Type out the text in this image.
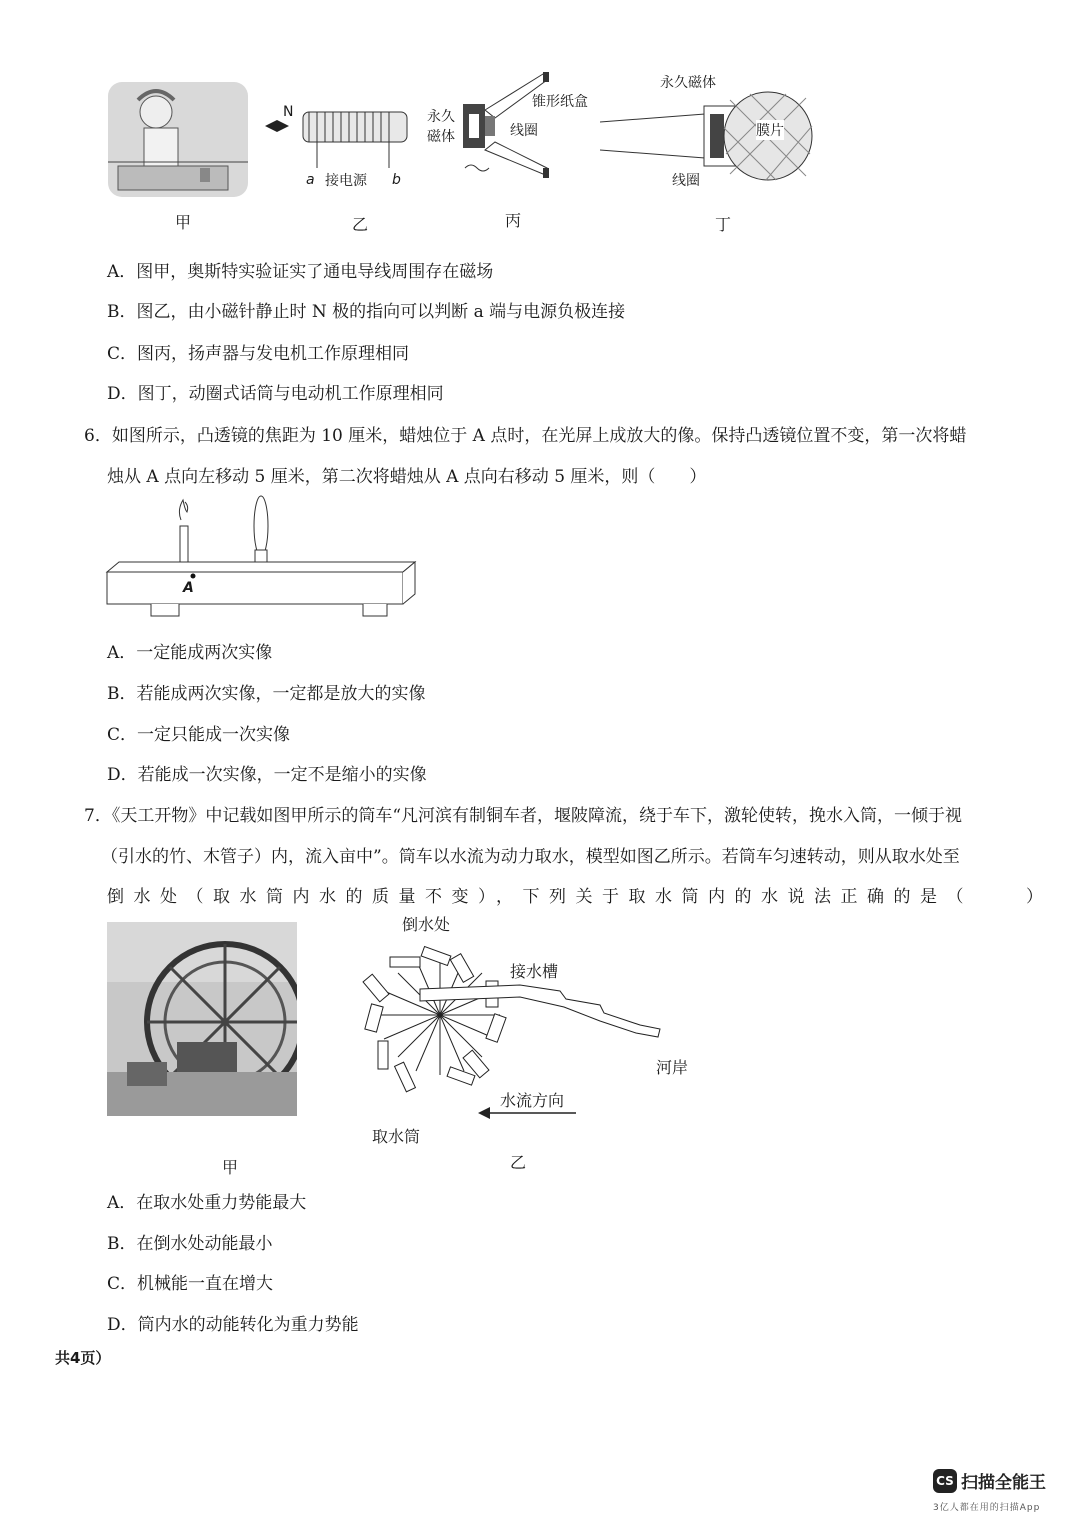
甲
N
a 接电源 b
乙
永久
磁体
锥形纸盒
线圈
丙
永久磁体
膜片
线圈
丁
A．图甲，奥斯特实验证实了通电导线周围存在磁场
B．图乙，由小磁针静止时 N 极的指向可以判断 a 端与电源负极连接
C．图丙，扬声器与发电机工作原理相同
D．图丁，动圈式话筒与电动机工作原理相同
6．如图所示，凸透镜的焦距为 10 厘米，蜡烛位于 A 点时，在光屏上成放大的像。保持凸透镜位置不变，第一次将蜡
烛从 A 点向左移动 5 厘米，第二次将蜡烛从 A 点向右移动 5 厘米，则（　　）
A
A．一定能成两次实像
B．若能成两次实像，一定都是放大的实像
C．一定只能成一次实像
D．若能成一次实像，一定不是缩小的实像
7．《天工开物》中记载如图甲所示的筒车“凡河滨有制铜车者，堰陂障流，绕于车下，激轮使转，挽水入筒，一倾于视
（引水的竹、木管子）内，流入亩中”。筒车以水流为动力取水，模型如图乙所示。若筒车匀速转动，则从取水处至
倒水处（取水筒内水的质量不变），下列关于取水筒内的水说法正确的是（　　）
甲
倒水处
接水槽
河岸
水流方向
取水筒
乙
A．在取水处重力势能最大
B．在倒水处动能最小
C．机械能一直在增大
D．筒内水的动能转化为重力势能
共4页）
CS 扫描全能王
3亿人都在用的扫描App
